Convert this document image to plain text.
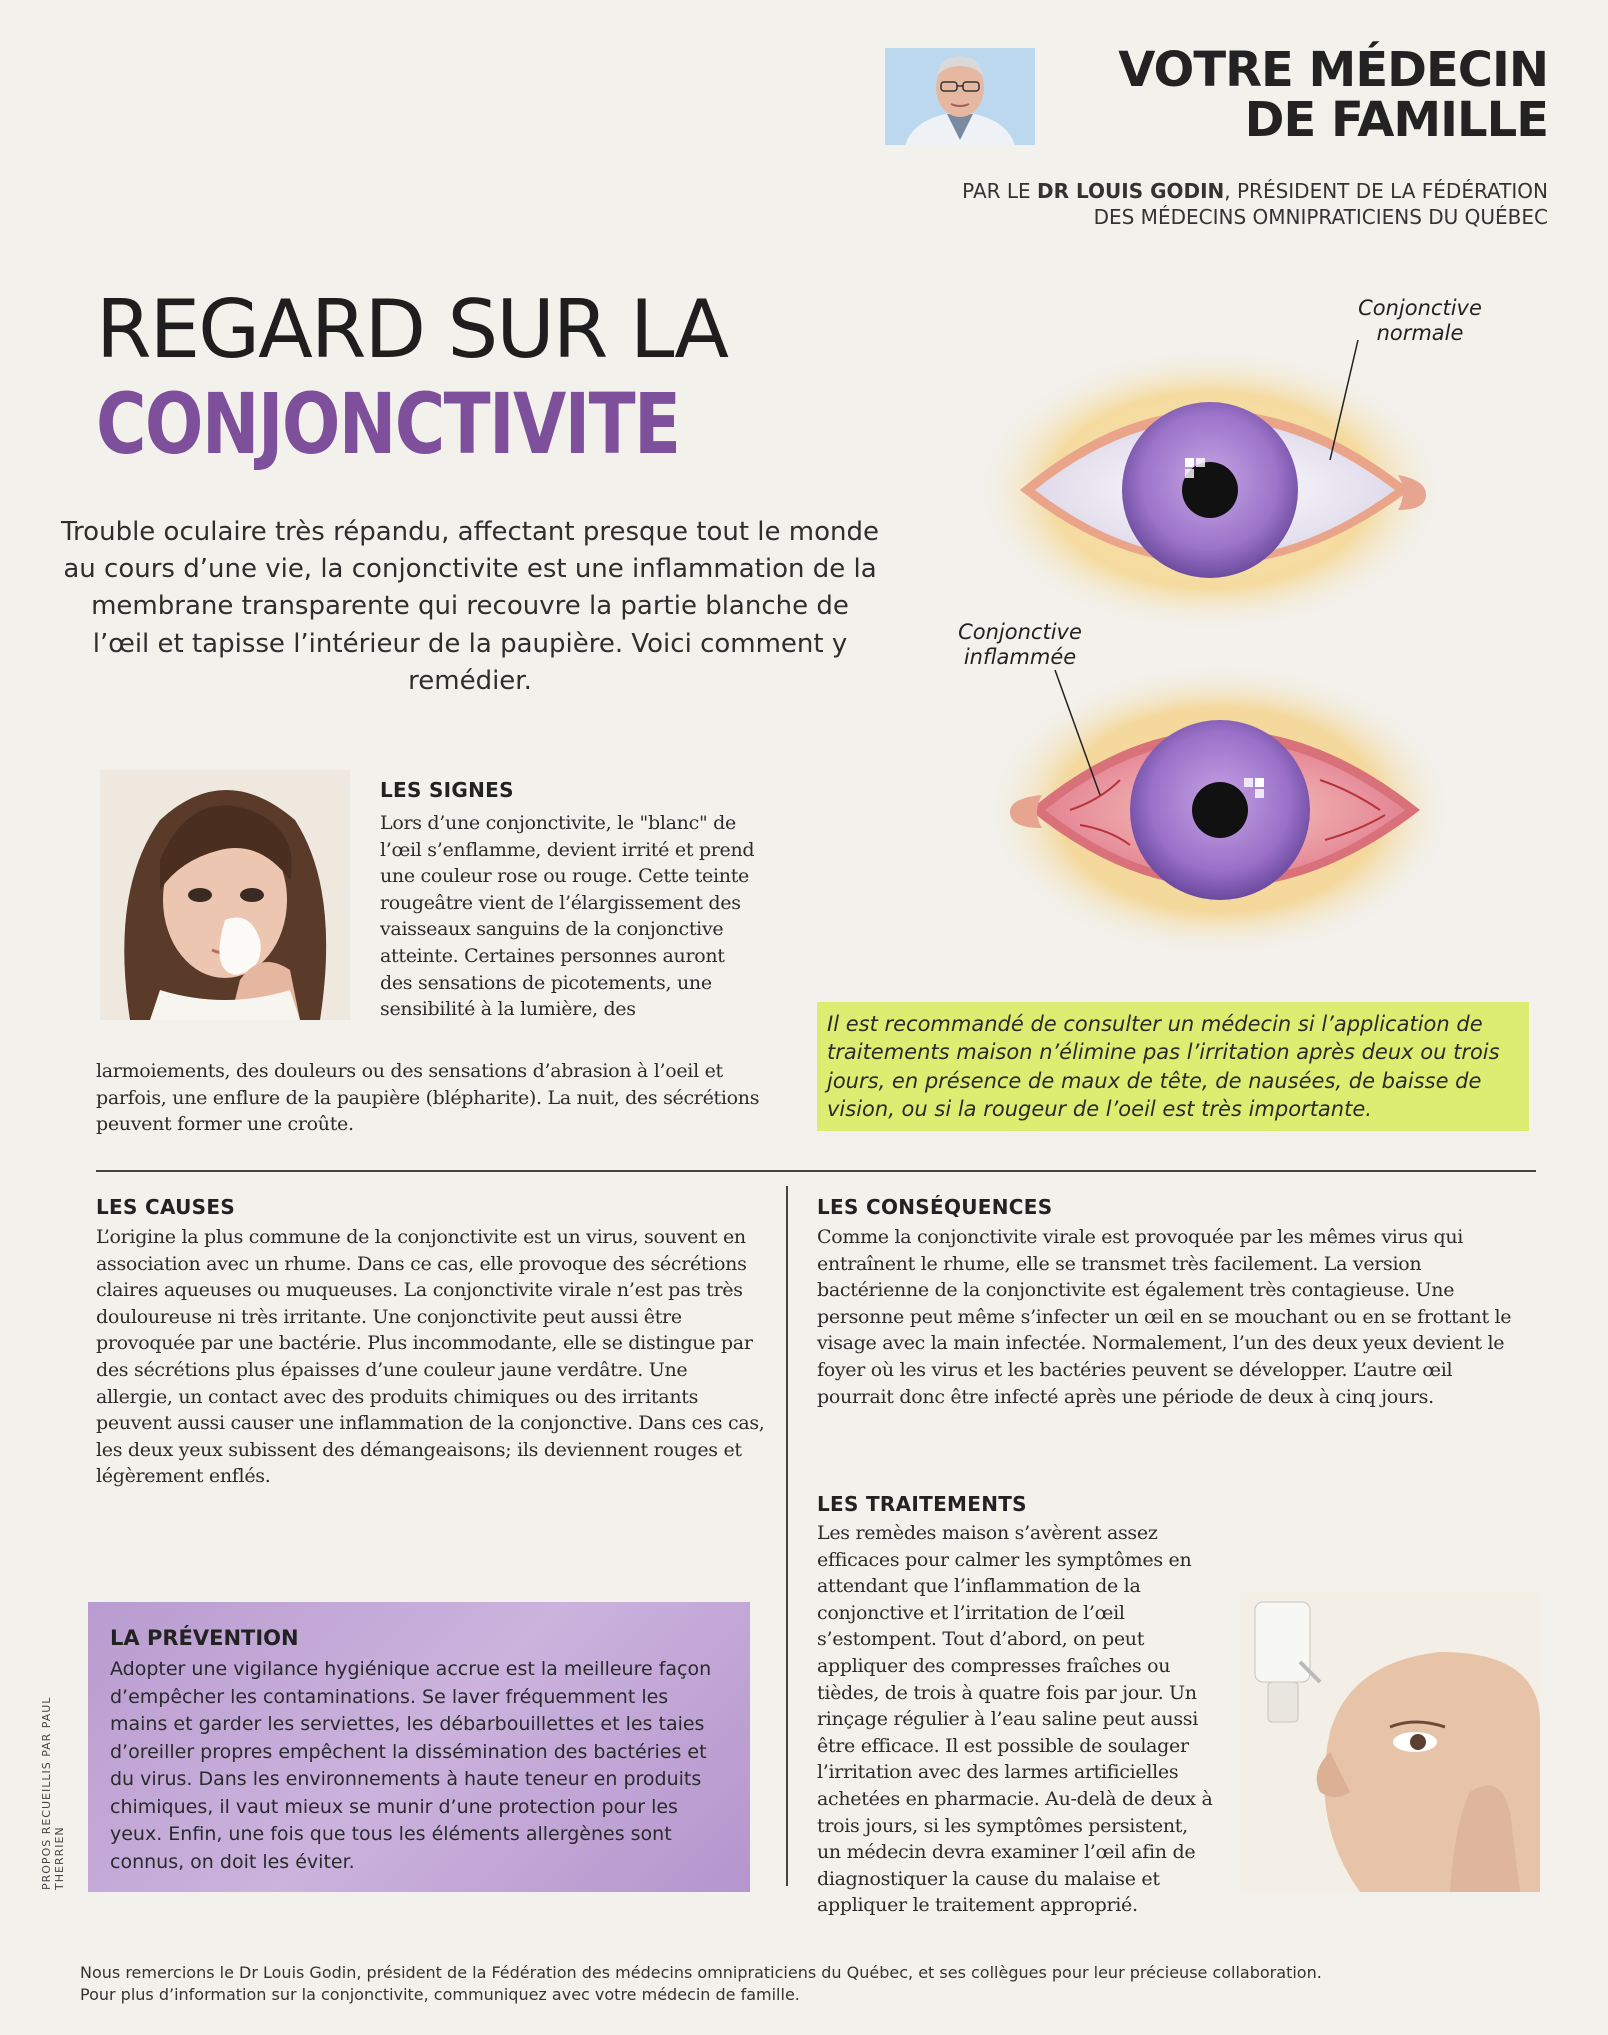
VOTRE MÉDECIN
DE FAMILLE
PAR LE DR LOUIS GODIN, PRÉSIDENT DE LA FÉDÉRATION
DES MÉDECINS OMNIPRATICIENS DU QUÉBEC
REGARD SUR LA
CONJONCTIVITE
Trouble oculaire très répandu, affectant presque tout le monde au cours d’une vie, la conjonctivite est une inflammation de la membrane transparente qui recouvre la partie blanche de l’œil et tapisse l’intérieur de la paupière. Voici comment y remédier.
Conjonctive
normale
Conjonctive
inflammée
Il est recommandé de consulter un médecin si l’application de traitements maison n’élimine pas l’irritation après deux ou trois jours, en présence de maux de tête, de nausées, de baisse de vision, ou si la rougeur de l’oeil est très importante.
LES SIGNES
Lors d’une conjonctivite, le "blanc" de l’œil s’enflamme, devient irrité et prend une couleur rose ou rouge. Cette teinte rougeâtre vient de l’élargissement des vaisseaux sanguins de la conjonctive atteinte. Certaines personnes auront des sensations de picotements, une sensibilité à la lumière, des
larmoiements, des douleurs ou des sensations d’abrasion à l’oeil et parfois, une enflure de la paupière (blépharite). La nuit, des sécrétions peuvent former une croûte.
LES CAUSES
L’origine la plus commune de la conjonctivite est un virus, souvent en association avec un rhume. Dans ce cas, elle provoque des sécrétions claires aqueuses ou muqueuses. La conjonctivite virale n’est pas très douloureuse ni très irritante. Une conjonctivite peut aussi être provoquée par une bactérie. Plus incommodante, elle se distingue par des sécrétions plus épaisses d’une couleur jaune verdâtre. Une allergie, un contact avec des produits chimiques ou des irritants peuvent aussi causer une inflammation de la conjonctive. Dans ces cas, les deux yeux subissent des démangeaisons; ils deviennent rouges et légèrement enflés.
LA PRÉVENTION
Adopter une vigilance hygiénique accrue est la meilleure façon d’empêcher les contaminations. Se laver fréquemment les mains et garder les serviettes, les débarbouillettes et les taies d’oreiller propres empêchent la dissémination des bactéries et du virus. Dans les environnements à haute teneur en produits chimiques, il vaut mieux se munir d’une protection pour les yeux. Enfin, une fois que tous les éléments allergènes sont connus, on doit les éviter.
PROPOS RECUEILLIS PAR PAUL THERRIEN
LES CONSÉQUENCES
Comme la conjonctivite virale est provoquée par les mêmes virus qui entraînent le rhume, elle se transmet très facilement. La version bactérienne de la conjonctivite est également très contagieuse. Une personne peut même s’infecter un œil en se mouchant ou en se frottant le visage avec la main infectée. Normalement, l’un des deux yeux devient le foyer où les virus et les bactéries peuvent se développer. L’autre œil pourrait donc être infecté après une période de deux à cinq jours.
LES TRAITEMENTS
Les remèdes maison s’avèrent assez efficaces pour calmer les symptômes en attendant que l’inflammation de la conjonctive et l’irritation de l’œil s’estompent. Tout d’abord, on peut appliquer des compresses fraîches ou tièdes, de trois à quatre fois par jour. Un rinçage régulier à l’eau saline peut aussi être efficace. Il est possible de soulager l’irritation avec des larmes artificielles achetées en pharmacie. Au-delà de deux à trois jours, si les symptômes persistent, un médecin devra examiner l’œil afin de diagnostiquer la cause du malaise et appliquer le traitement approprié.
Nous remercions le Dr Louis Godin, président de la Fédération des médecins omnipraticiens du Québec, et ses collègues pour leur précieuse collaboration.
Pour plus d’information sur la conjonctivite, communiquez avec votre médecin de famille.
